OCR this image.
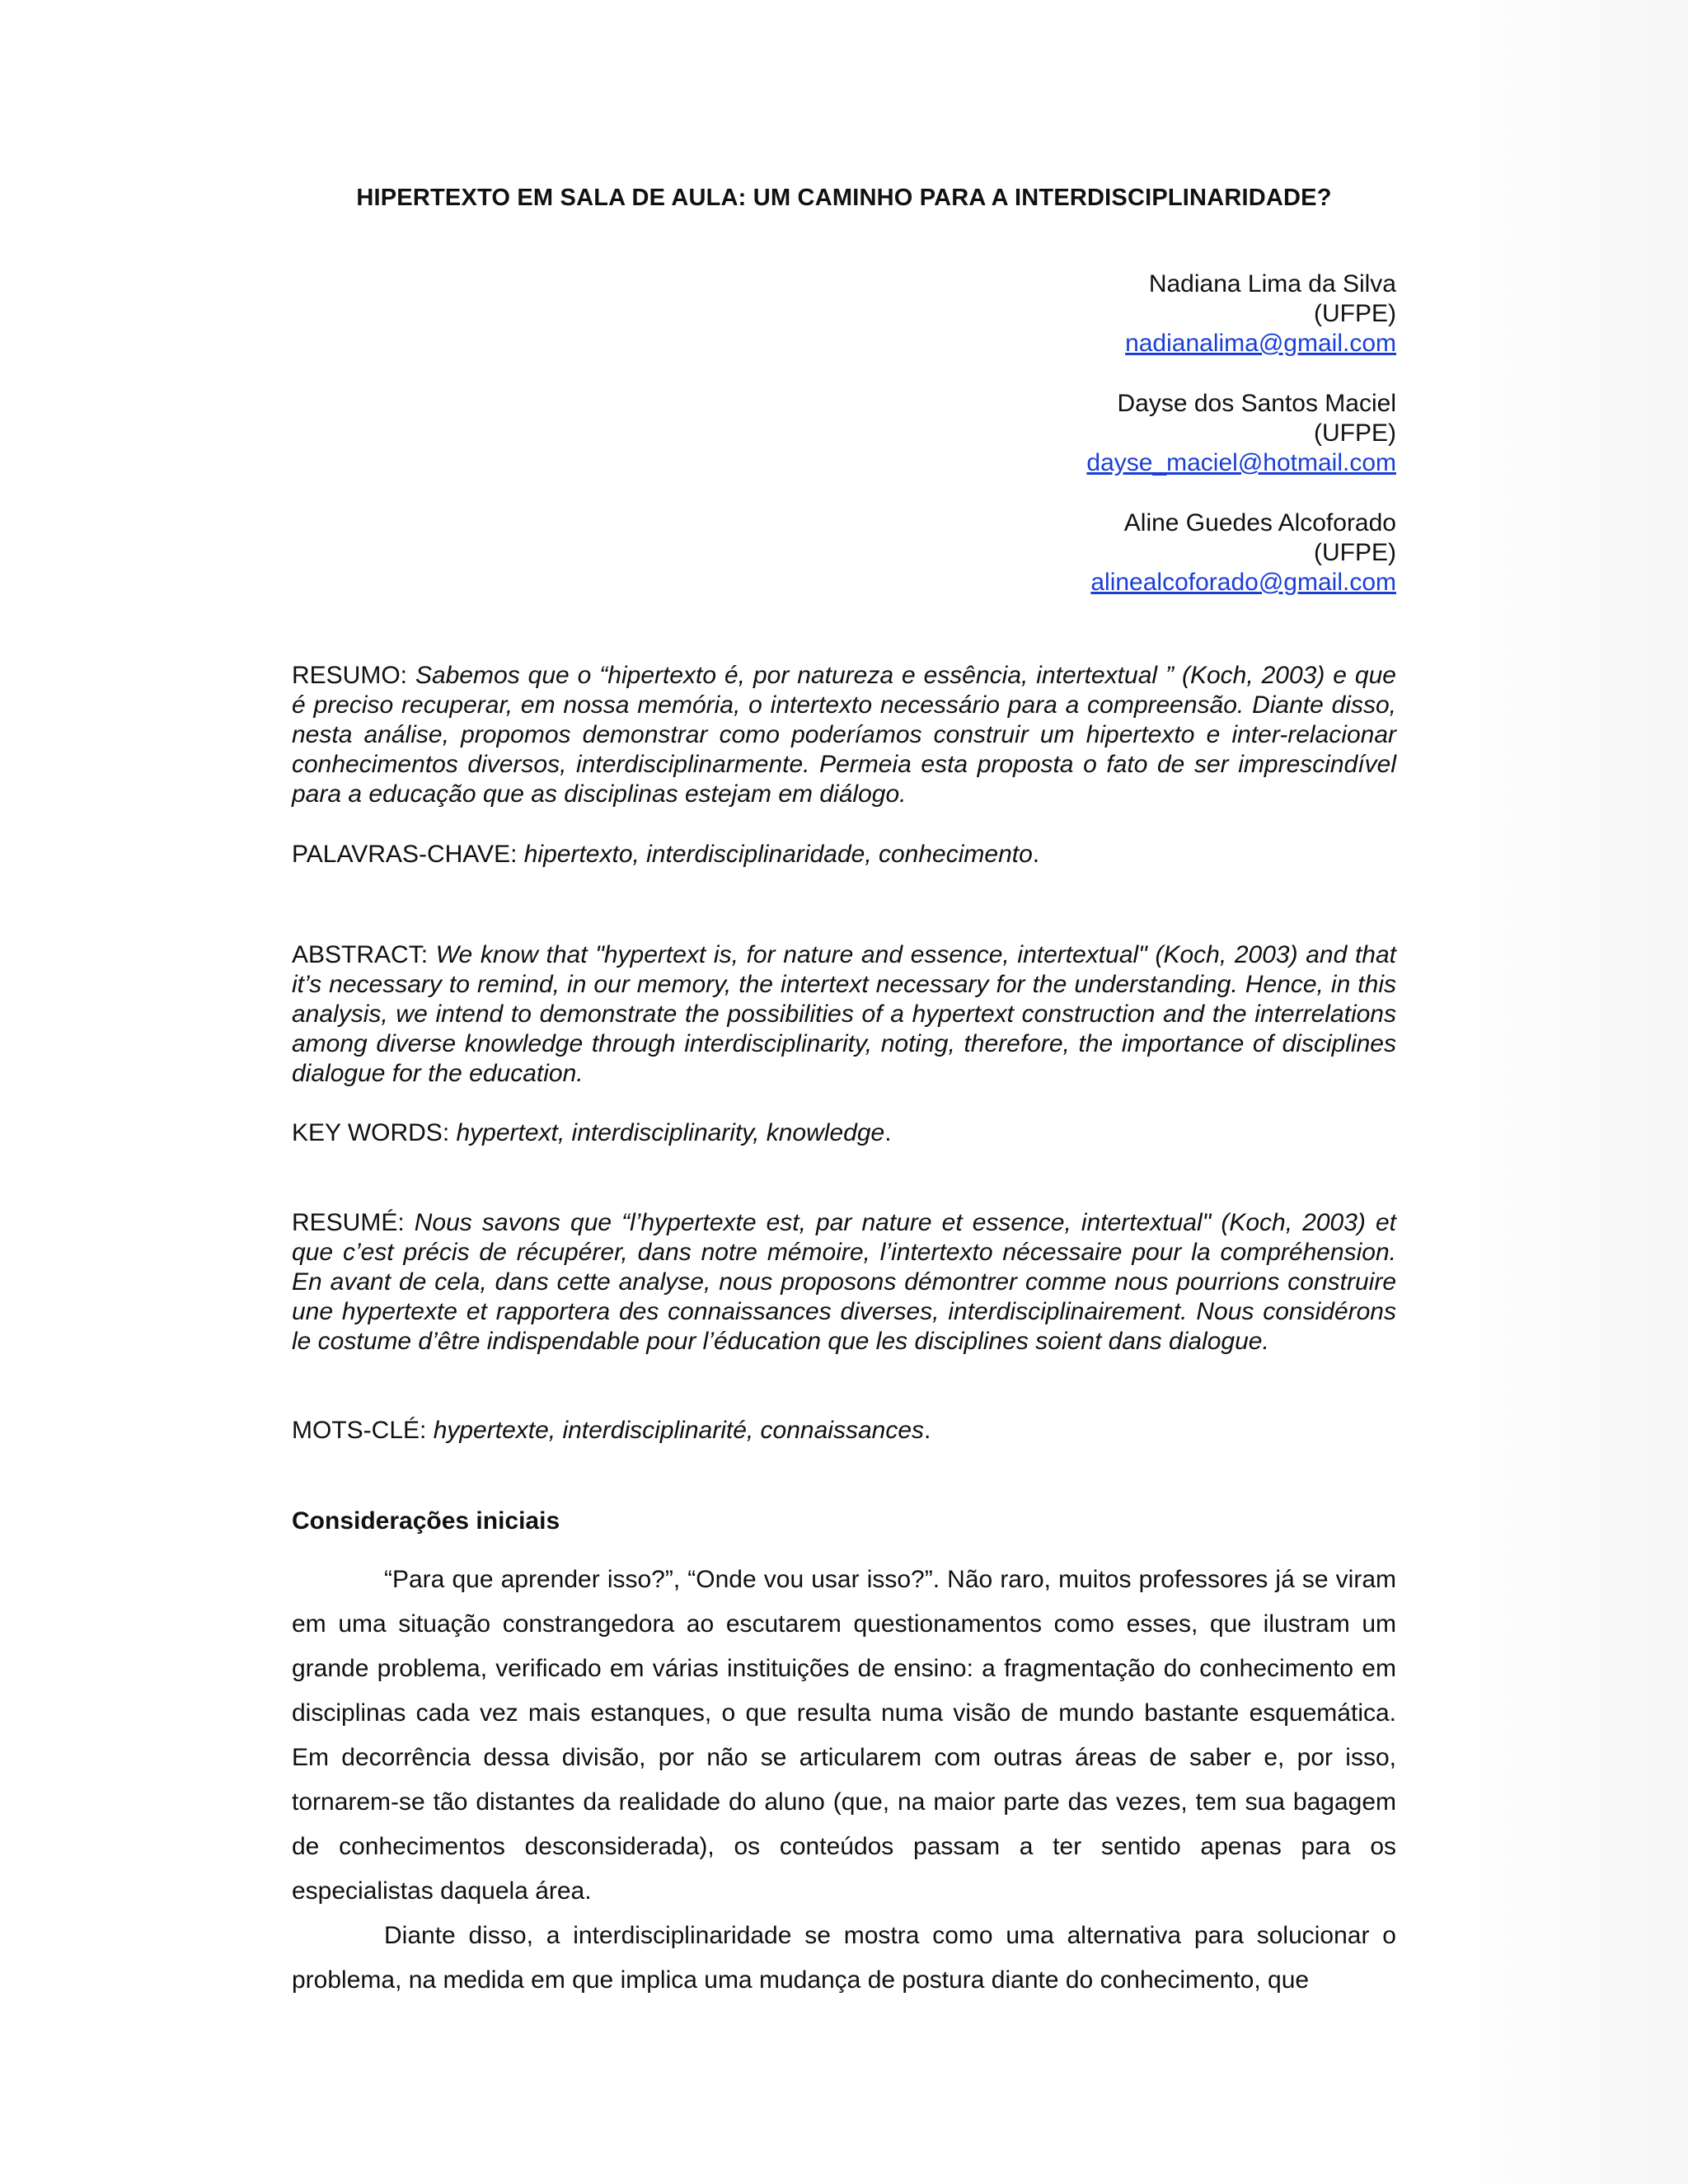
HIPERTEXTO EM SALA DE AULA: UM CAMINHO PARA A INTERDISCIPLINARIDADE?
Nadiana Lima da Silva
(UFPE)
nadianalima@gmail.com
Dayse dos Santos Maciel
(UFPE)
dayse_maciel@hotmail.com
Aline Guedes Alcoforado
(UFPE)
alinealcoforado@gmail.com
RESUMO: Sabemos que o “hipertexto é, por natureza e essência, intertextual ” (Koch, 2003) e que é preciso recuperar, em nossa memória, o intertexto necessário para a compreensão. Diante disso, nesta análise, propomos demonstrar como poderíamos construir um hipertexto e inter-relacionar conhecimentos diversos, interdisciplinarmente. Permeia esta proposta o fato de ser imprescindível para a educação que as disciplinas estejam em diálogo.
PALAVRAS-CHAVE: hipertexto, interdisciplinaridade, conhecimento.
ABSTRACT: We know that "hypertext is, for nature and essence, intertextual" (Koch, 2003) and that it’s necessary to remind, in our memory, the intertext necessary for the understanding. Hence, in this analysis, we intend to demonstrate the possibilities of a hypertext construction and the interrelations among diverse knowledge through interdisciplinarity, noting, therefore, the importance of disciplines dialogue for the education.
KEY WORDS: hypertext, interdisciplinarity, knowledge.
RESUMÉ: Nous savons que “l’hypertexte est, par nature et essence, intertextual" (Koch, 2003) et que c’est précis de récupérer, dans notre mémoire, l’intertexto nécessaire pour la compréhension. En avant de cela, dans cette analyse, nous proposons démontrer comme nous pourrions construire une hypertexte et rapportera des connaissances diverses, interdisciplinairement. Nous considérons le costume d’être indispendable pour l’éducation que les disciplines soient dans dialogue.
MOTS-CLÉ: hypertexte, interdisciplinarité, connaissances.
Considerações iniciais

“Para que aprender isso?”, “Onde vou usar isso?”. Não raro, muitos professores já se viram em uma situação constrangedora ao escutarem questionamentos como esses, que ilustram um grande problema, verificado em várias instituições de ensino: a fragmentação do conhecimento em disciplinas cada vez mais estanques, o que resulta numa visão de mundo bastante esquemática. Em decorrência dessa divisão, por não se articularem com outras áreas de saber e, por isso, tornarem-se tão distantes da realidade do aluno (que, na maior parte das vezes, tem sua bagagem de conhecimentos desconsiderada), os conteúdos passam a ter sentido apenas para os especialistas daquela área.

Diante disso, a interdisciplinaridade se mostra como uma alternativa para solucionar o problema, na medida em que implica uma mudança de postura diante do conhecimento, que
